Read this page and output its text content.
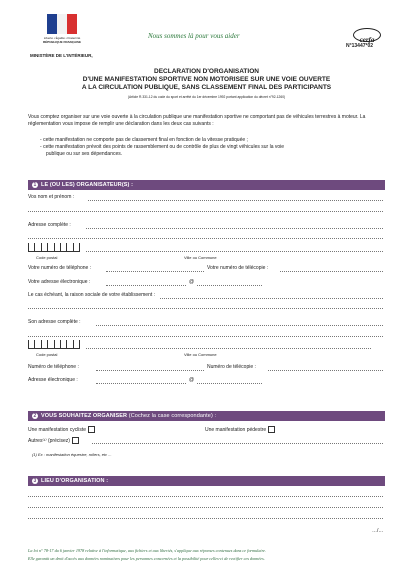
Liberté • Égalité • Fraternité
RÉPUBLIQUE FRANÇAISE
MINISTÈRE DE L'INTÉRIEUR,
Nous sommes là pour vous aider	cerfa
N°13447*02
DECLARATION D'ORGANISATION
D'UNE MANIFESTATION SPORTIVE NON MOTORISEE SUR UNE VOIE OUVERTE
A LA CIRCULATION PUBLIQUE, SANS CLASSEMENT FINAL DES PARTICIPANTS
(Article R.331-12 du code du sport et arrêté du 1er décembre 1992 portant application du décret n°92-1260)
Vous comptez organiser sur une voie ouverte à la circulation publique une manifestation sportive ne comportant pas de véhicules terrestres à moteur. La réglementation vous impose de remplir une déclaration dans les deux cas suivants :
- cette manifestation ne comporte pas de classement final en fonction de la vitesse pratiquée ;
- cette manifestation prévoit des points de rassemblement ou de contrôle de plus de vingt véhicules sur la voie
publique ou sur ses dépendances.
1 LE (OU LES) ORGANISATEUR(S) :
Vos nom et prénom :
Adresse complète :
Code postal	Ville ou Commune
Votre numéro de téléphone :	Votre numéro de télécopie :
Votre adresse électronique :	@
Le cas échéant, la raison sociale de votre établissement :
Son adresse complète :
Code postal	Ville ou Commune
Numéro de téléphone :	Numéro de télécopie :
Adresse électronique :	@
2 VOUS SOUHAITEZ ORGANISER (Cochez la case correspondante) :
Une manifestation cycliste	Une manifestation pédestre
Autres⁽¹⁾ (précisez)
(1) Ex : manifestation équestre, rollers, etc ...
3 LIEU D'ORGANISATION :
…/…
La loi n° 78-17 du 6 janvier 1978 relative à l'informatique, aux fichiers et aux libertés, s'applique aux réponses contenues dans ce formulaire.
Elle garantit un droit d'accès aux données nominatives pour les personnes concernées et la possibilité pour celles-ci de rectifier ces données.
